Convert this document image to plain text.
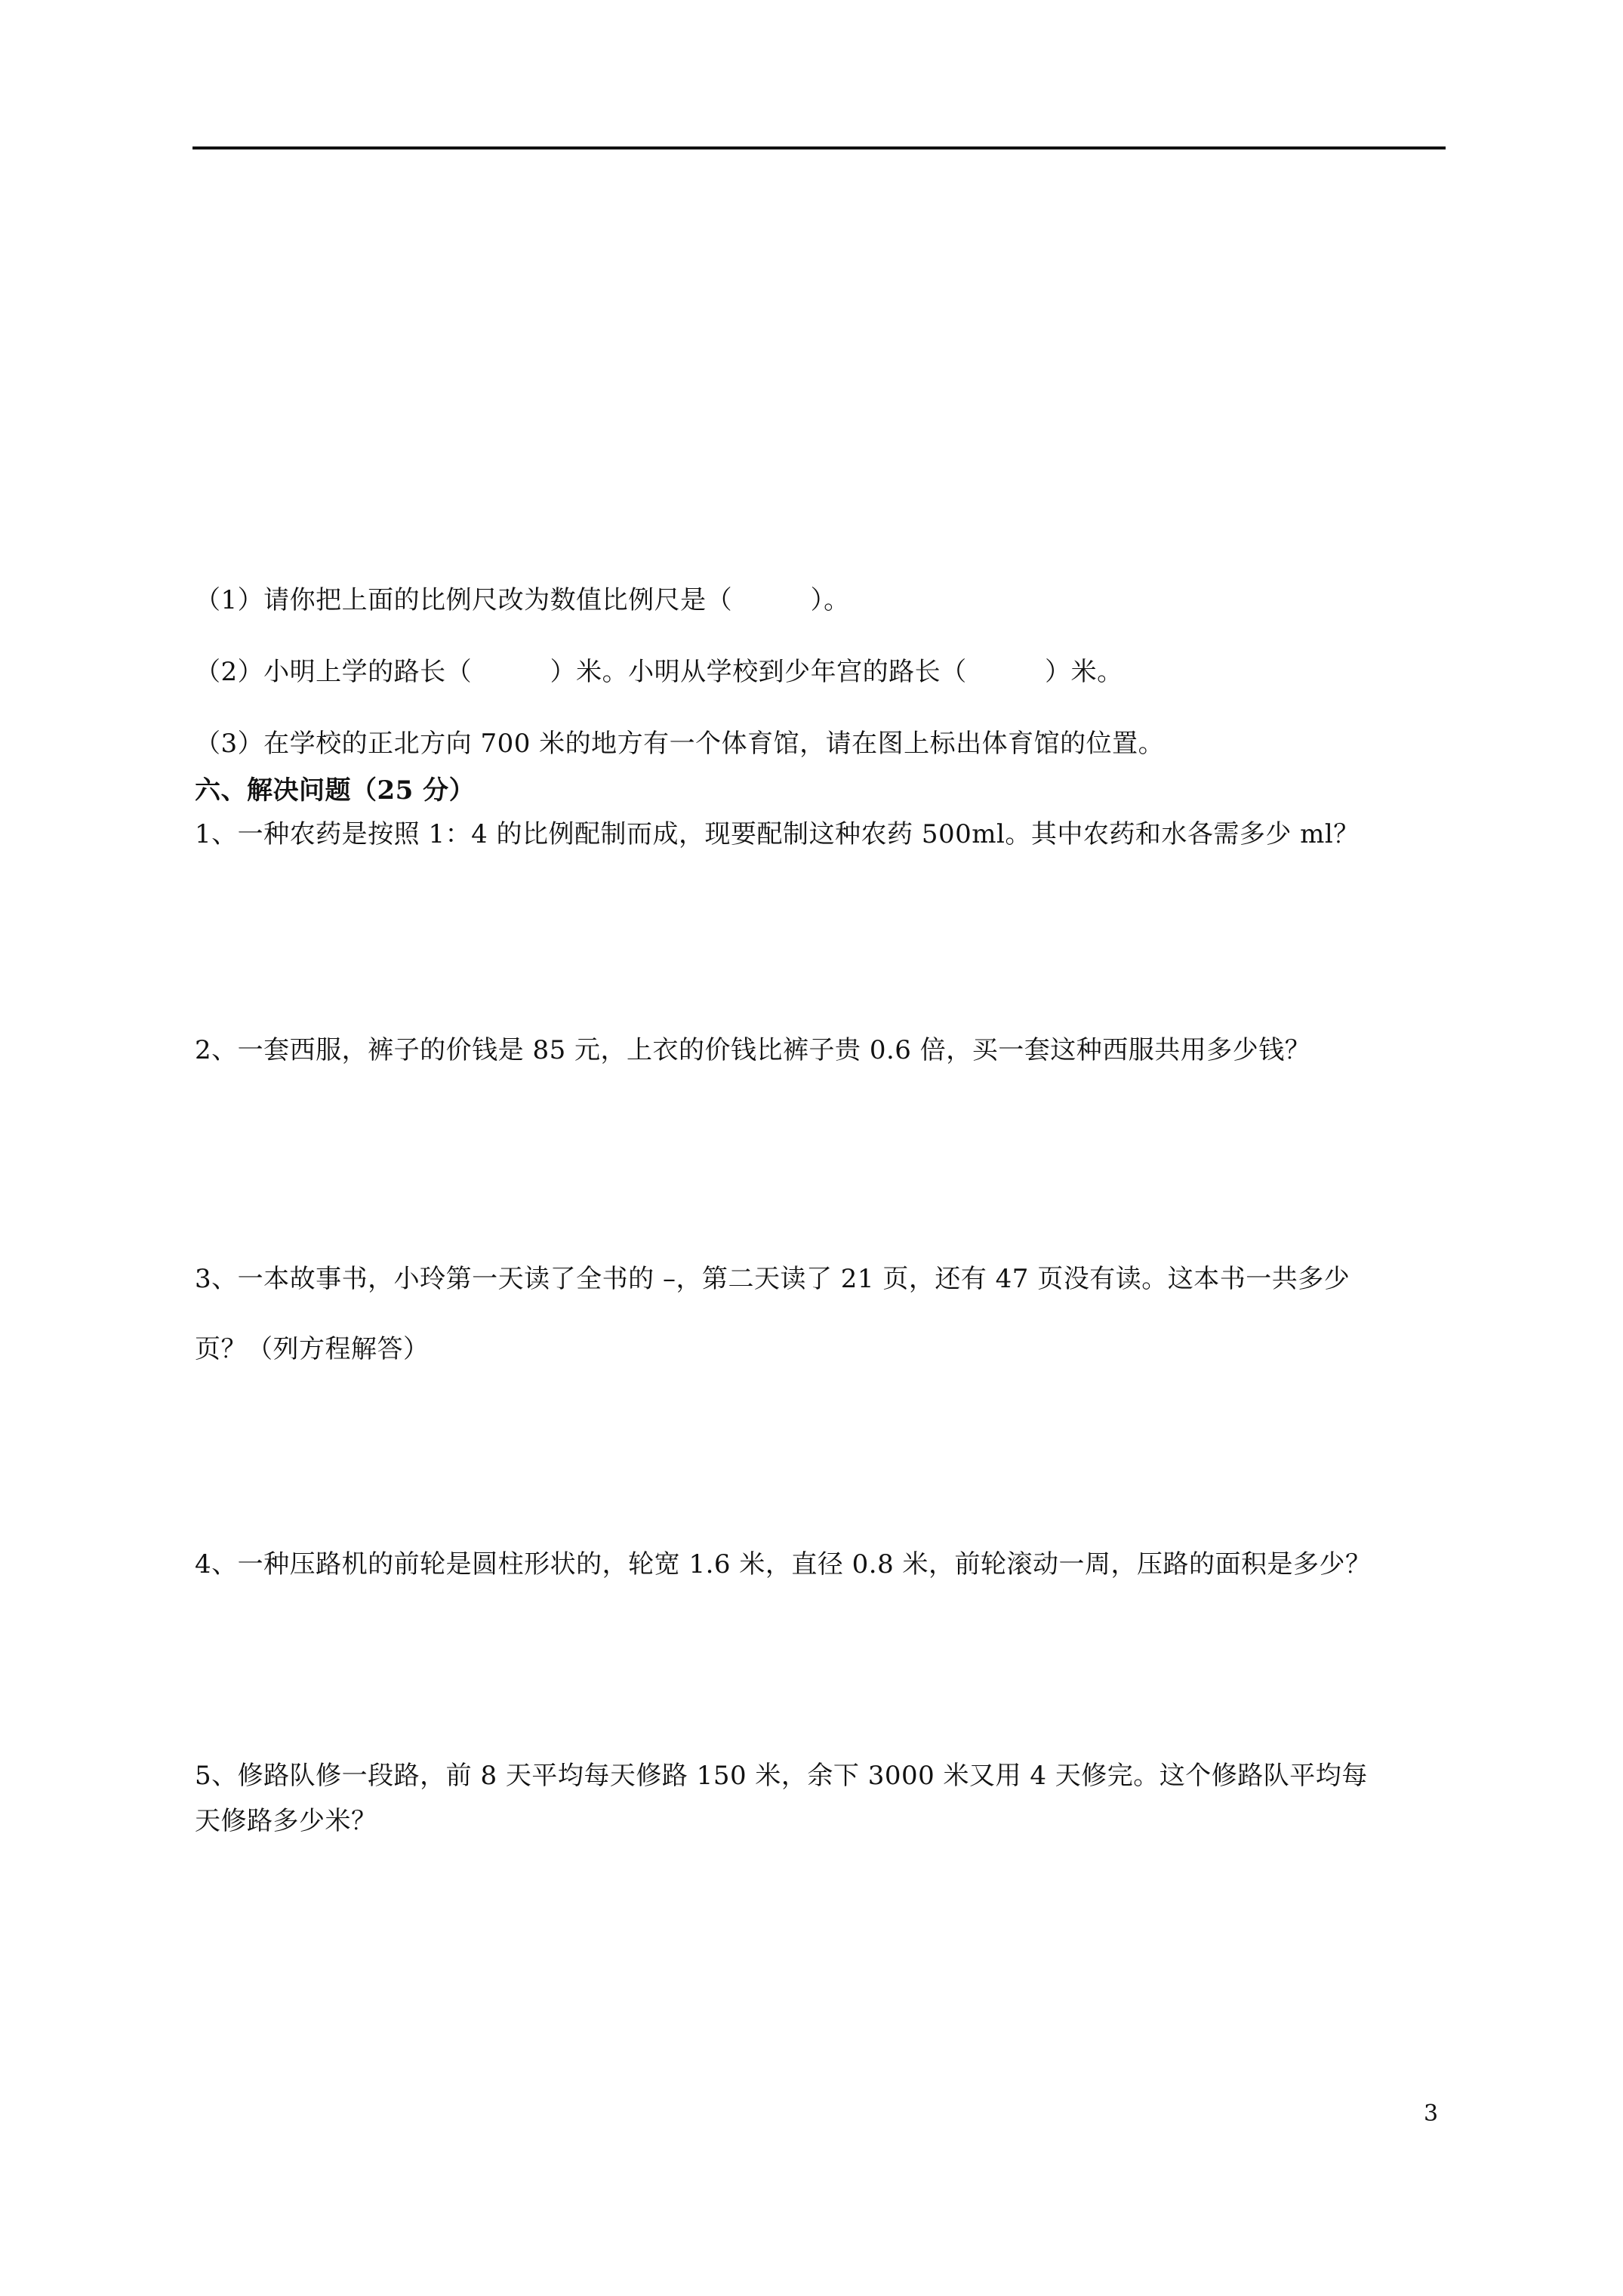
（1）请你把上面的比例尺改为数值比例尺是（　　　）。
（2）小明上学的路长（　　　）米。小明从学校到少年宫的路长（　　　）米。
（3）在学校的正北方向 700 米的地方有一个体育馆，请在图上标出体育馆的位置。
六、解决问题（25 分）
1、一种农药是按照 1：4 的比例配制而成，现要配制这种农药 500ml。其中农药和水各需多少 ml？
2、一套西服，裤子的价钱是 85 元，上衣的价钱比裤子贵 0.6 倍，买一套这种西服共用多少钱？
3、一本故事书，小玲第一天读了全书的 –，第二天读了 21 页，还有 47 页没有读。这本书一共多少
页？（列方程解答）
4、一种压路机的前轮是圆柱形状的，轮宽 1.6 米，直径 0.8 米，前轮滚动一周，压路的面积是多少？
5、修路队修一段路，前 8 天平均每天修路 150 米，余下 3000 米又用 4 天修完。这个修路队平均每
天修路多少米？
3
